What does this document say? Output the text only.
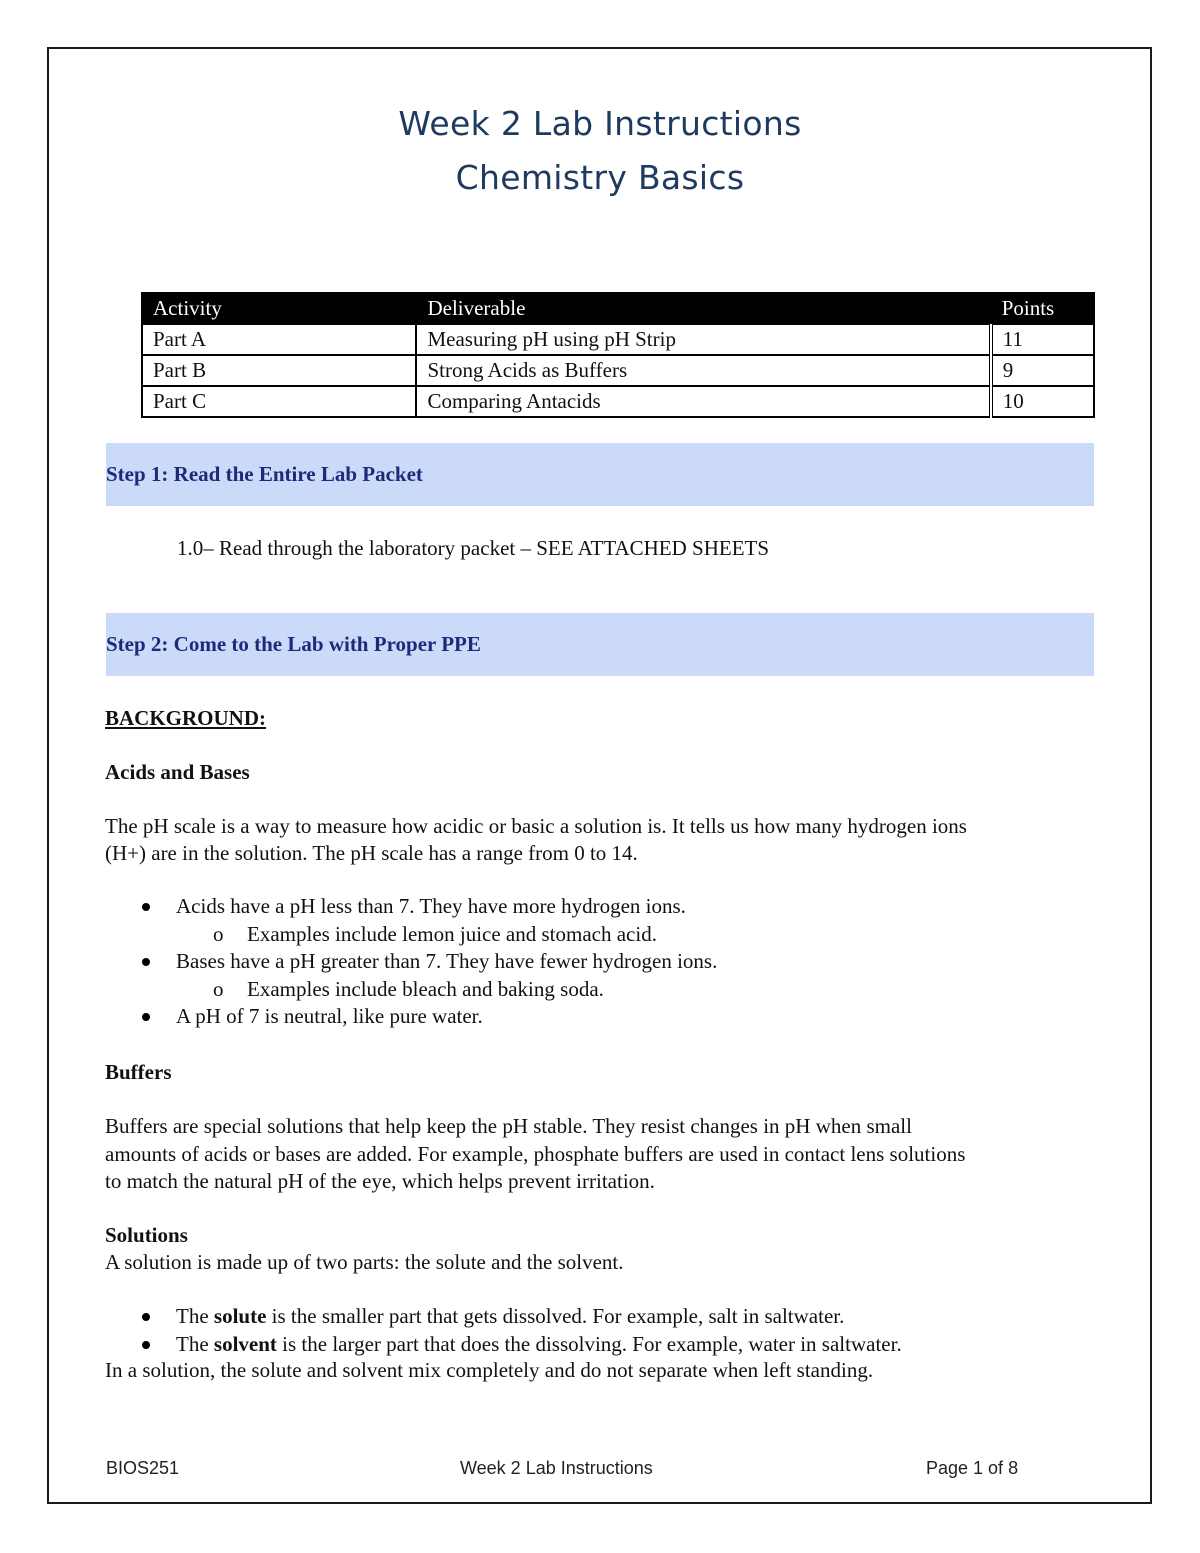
Week 2 Lab Instructions
Chemistry Basics
Activity	Deliverable	Points
Part A	Measuring pH using pH Strip	11
Part B	Strong Acids as Buffers	9
Part C	Comparing Antacids	10
Step 1: Read the Entire Lab Packet
1.0– Read through the laboratory packet – SEE ATTACHED SHEETS
Step 2: Come to the Lab with Proper PPE
BACKGROUND:
Acids and Bases
The pH scale is a way to measure how acidic or basic a solution is. It tells us how many hydrogen ions
(H+) are in the solution. The pH scale has a range from 0 to 14.
Acids have a pH less than 7. They have more hydrogen ions.
o Examples include lemon juice and stomach acid.
Bases have a pH greater than 7. They have fewer hydrogen ions.
o Examples include bleach and baking soda.
A pH of 7 is neutral, like pure water.
Buffers
Buffers are special solutions that help keep the pH stable. They resist changes in pH when small
amounts of acids or bases are added. For example, phosphate buffers are used in contact lens solutions
to match the natural pH of the eye, which helps prevent irritation.
Solutions
A solution is made up of two parts: the solute and the solvent.
The solute is the smaller part that gets dissolved. For example, salt in saltwater.
The solvent is the larger part that does the dissolving. For example, water in saltwater.
In a solution, the solute and solvent mix completely and do not separate when left standing.
BIOS251	Week 2 Lab Instructions	Page 1 of 8
